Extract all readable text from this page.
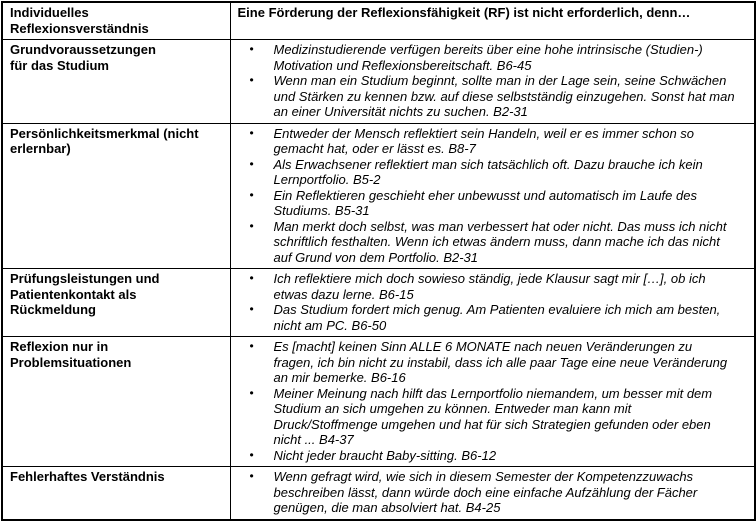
Individuelles
Reflexionsverständnis	Eine Förderung der Reflexionsfähigkeit (RF) ist nicht erforderlich, denn…
Grundvoraussetzungen
für das Studium	
•	Medizinstudierende verfügen bereits über eine hohe intrinsische (Studien-)
Motivation und Reflexionsbereitschaft. B6-45
•	Wenn man ein Studium beginnt, sollte man in der Lage sein, seine Schwächen
und Stärken zu kennen bzw. auf diese selbstständig einzugehen. Sonst hat man
an einer Universität nichts zu suchen. B2-31

Persönlichkeitsmerkmal (nicht
erlernbar)	
•	Entweder der Mensch reflektiert sein Handeln, weil er es immer schon so
gemacht hat, oder er lässt es. B8-7
•	Als Erwachsener reflektiert man sich tatsächlich oft. Dazu brauche ich kein
Lernportfolio. B5-2
•	Ein Reflektieren geschieht eher unbewusst und automatisch im Laufe des
Studiums. B5-31
•	Man merkt doch selbst, was man verbessert hat oder nicht. Das muss ich nicht
schriftlich festhalten. Wenn ich etwas ändern muss, dann mache ich das nicht
auf Grund von dem Portfolio. B2-31

Prüfungsleistungen und
Patientenkontakt als
Rückmeldung	
•	Ich reflektiere mich doch sowieso ständig, jede Klausur sagt mir […], ob ich
etwas dazu lerne. B6-15
•	Das Studium fordert mich genug. Am Patienten evaluiere ich mich am besten,
nicht am PC. B6-50

Reflexion nur in
Problemsituationen	
•	Es [macht] keinen Sinn ALLE 6 MONATE nach neuen Veränderungen zu
fragen, ich bin nicht zu instabil, dass ich alle paar Tage eine neue Veränderung
an mir bemerke. B6-16
•	Meiner Meinung nach hilft das Lernportfolio niemandem, um besser mit dem
Studium an sich umgehen zu können. Entweder man kann mit
Druck/Stoffmenge umgehen und hat für sich Strategien gefunden oder eben
nicht ... B4-37
•	Nicht jeder braucht Baby-sitting. B6-12

Fehlerhaftes Verständnis	•	Wenn gefragt wird, wie sich in diesem Semester der Kompetenzzuwachs
beschreiben lässt, dann würde doch eine einfache Aufzählung der Fächer
genügen, die man absolviert hat. B4-25
